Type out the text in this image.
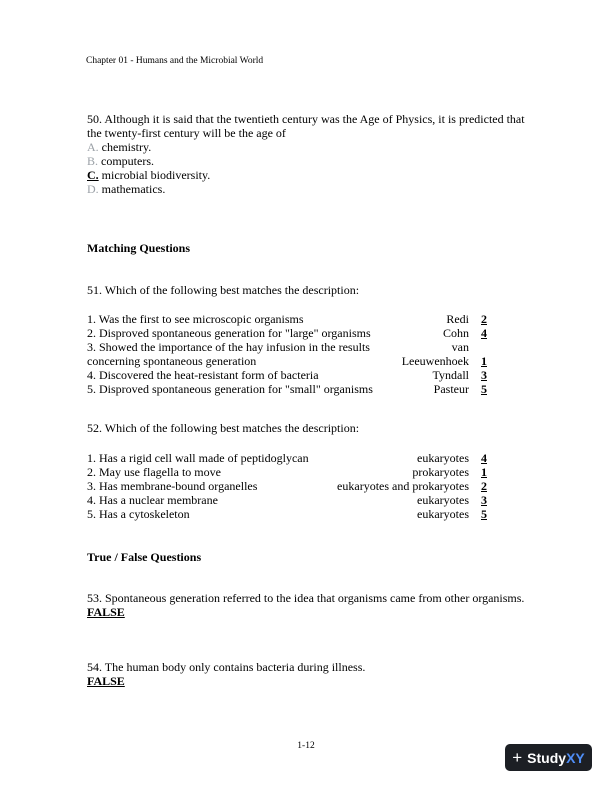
Chapter 01 - Humans and the Microbial World
50. Although it is said that the twentieth century was the Age of Physics, it is predicted that
the twenty-first century will be the age of
A. chemistry.
B. computers.
C. microbial biodiversity.
D. mathematics.
Matching Questions
51. Which of the following best matches the description:
1. Was the first to see microscopic organisms	Redi	2
2. Disproved spontaneous generation for "large" organisms	Cohn	4
3. Showed the importance of the hay infusion in the results	van
concerning spontaneous generation	Leeuwenhoek	1
4. Discovered the heat-resistant form of bacteria	Tyndall	3
5. Disproved spontaneous generation for "small" organisms	Pasteur	5
52. Which of the following best matches the description:
1. Has a rigid cell wall made of peptidoglycan	eukaryotes	4
2. May use flagella to move	prokaryotes	1
3. Has membrane-bound organelles	eukaryotes and prokaryotes	2
4. Has a nuclear membrane	eukaryotes	3
5. Has a cytoskeleton	eukaryotes	5
True / False Questions
53. Spontaneous generation referred to the idea that organisms came from other organisms.
FALSE
54. The human body only contains bacteria during illness.
FALSE
1-12
+ StudyXY
